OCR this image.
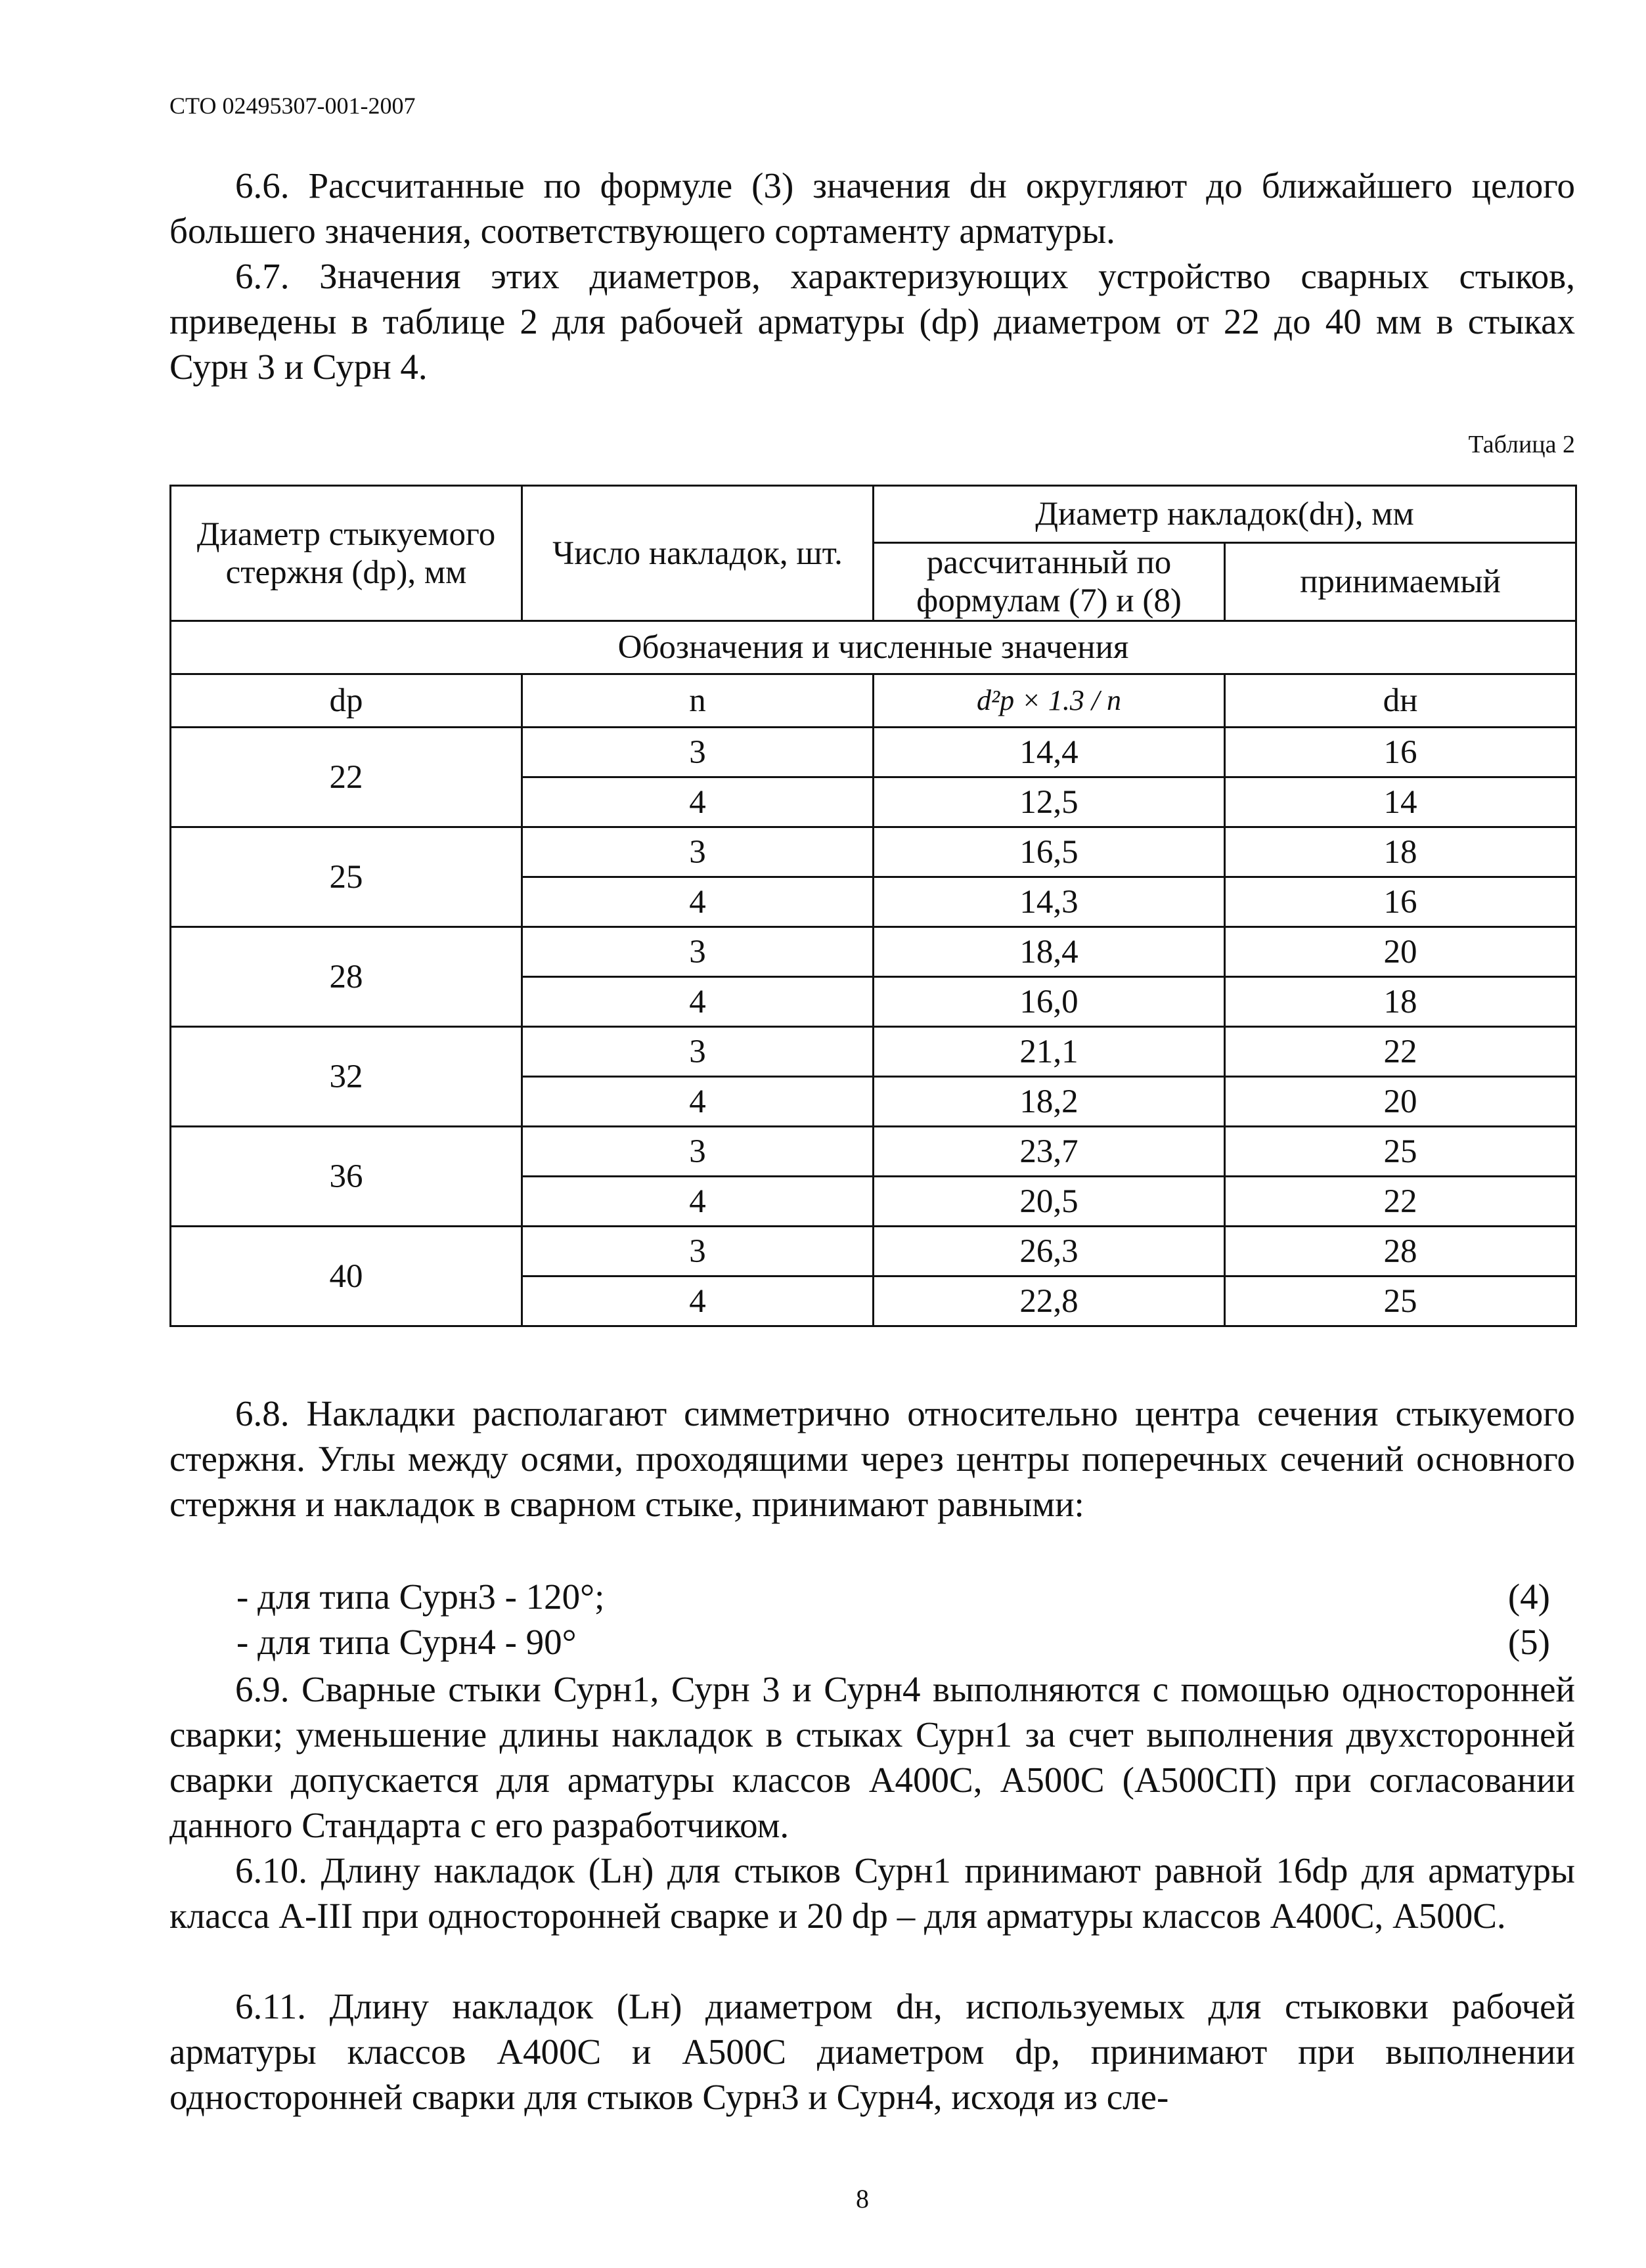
СТО 02495307-001-2007

6.6. Рассчитанные по формуле (3) значения dн округляют до ближайшего целого большего значения, соответствующего сортаменту арматуры.

6.7. Значения этих диаметров, характеризующих устройство сварных стыков, приведены в таблице 2 для рабочей арматуры (dр) диаметром от 22 до 40 мм в стыках Сурн 3 и Сурн 4.

Таблица 2
Диаметр стыкуемого стержня (dр), мм	Число накладок, шт.	Диаметр накладок(dн), мм	
		рассчитанный по формулам (7) и (8)	принимаемый
Обозначения и численные значения			
dр	n	d²р × 1.3 / n	dн
22	3	14,4	16
	4	12,5	14
25	3	16,5	18
	4	14,3	16
28	3	18,4	20
	4	16,0	18
32	3	21,1	22
	4	18,2	20
36	3	23,7	25
	4	20,5	22
40	3	26,3	28
	4	22,8	25

6.8. Накладки располагают симметрично относительно центра сечения стыкуемого стержня. Углы между осями, проходящими через центры поперечных сечений основного стержня и накладок в сварном стыке, принимают равными:

- для типа Сурн3 - 120°;	(4)
- для типа Сурн4 - 90°	(5)

6.9. Сварные стыки Сурн1, Сурн 3 и Сурн4 выполняются с помощью односторонней сварки; уменьшение длины накладок в стыках Сурн1 за счет выполнения двухсторонней сварки допускается для арматуры классов А400С, А500С (А500СП) при согласовании данного Стандарта с его разработчиком.

6.10. Длину накладок (Lн) для стыков Сурн1 принимают равной 16dр для арматуры класса А-III при односторонней сварке и 20 dр – для арматуры классов А400С, А500С.

6.11. Длину накладок (Lн) диаметром dн, используемых для стыковки рабочей арматуры классов А400С и А500С диаметром dр, принимают при выполнении односторонней сварки для стыков Сурн3 и Сурн4, исходя из сле-

8
